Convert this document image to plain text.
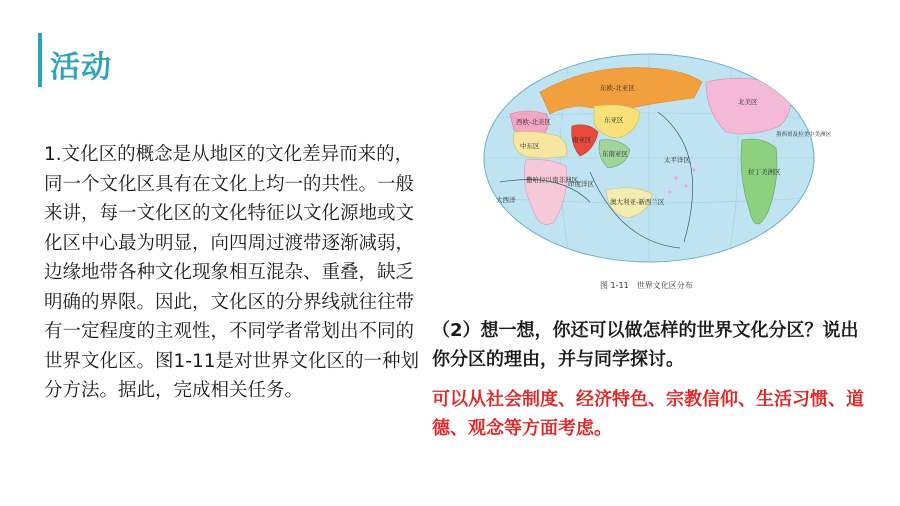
活动
1.文化区的概念是从地区的文化差异而来的，同一个文化区具有在文化上均一的共性。一般来讲，每一文化区的文化特征以文化源地或文化区中心最为明显，向四周过渡带逐渐减弱，边缘地带各种文化现象相互混杂、重叠，缺乏明确的界限。因此，文化区的分界线就往往带有一定程度的主观性，不同学者常划出不同的世界文化区。图1-11是对世界文化区的一种划分方法。据此，完成相关任务。
东欧-北亚区
西欧-北美区	东亚区
南亚区
东南亚区
北美区
拉丁美洲区
澳大利亚-新西兰区
太平洋区
印度洋区
大西洋
撒哈拉以南非洲区
中东区
墨西哥及拉美中美洲区
图 1-11　世界文化区分布
（2）想一想，你还可以做怎样的世界文化分区？说出你分区的理由，并与同学探讨。
可以从社会制度、经济特色、宗教信仰、生活习惯、道德、观念等方面考虑。
